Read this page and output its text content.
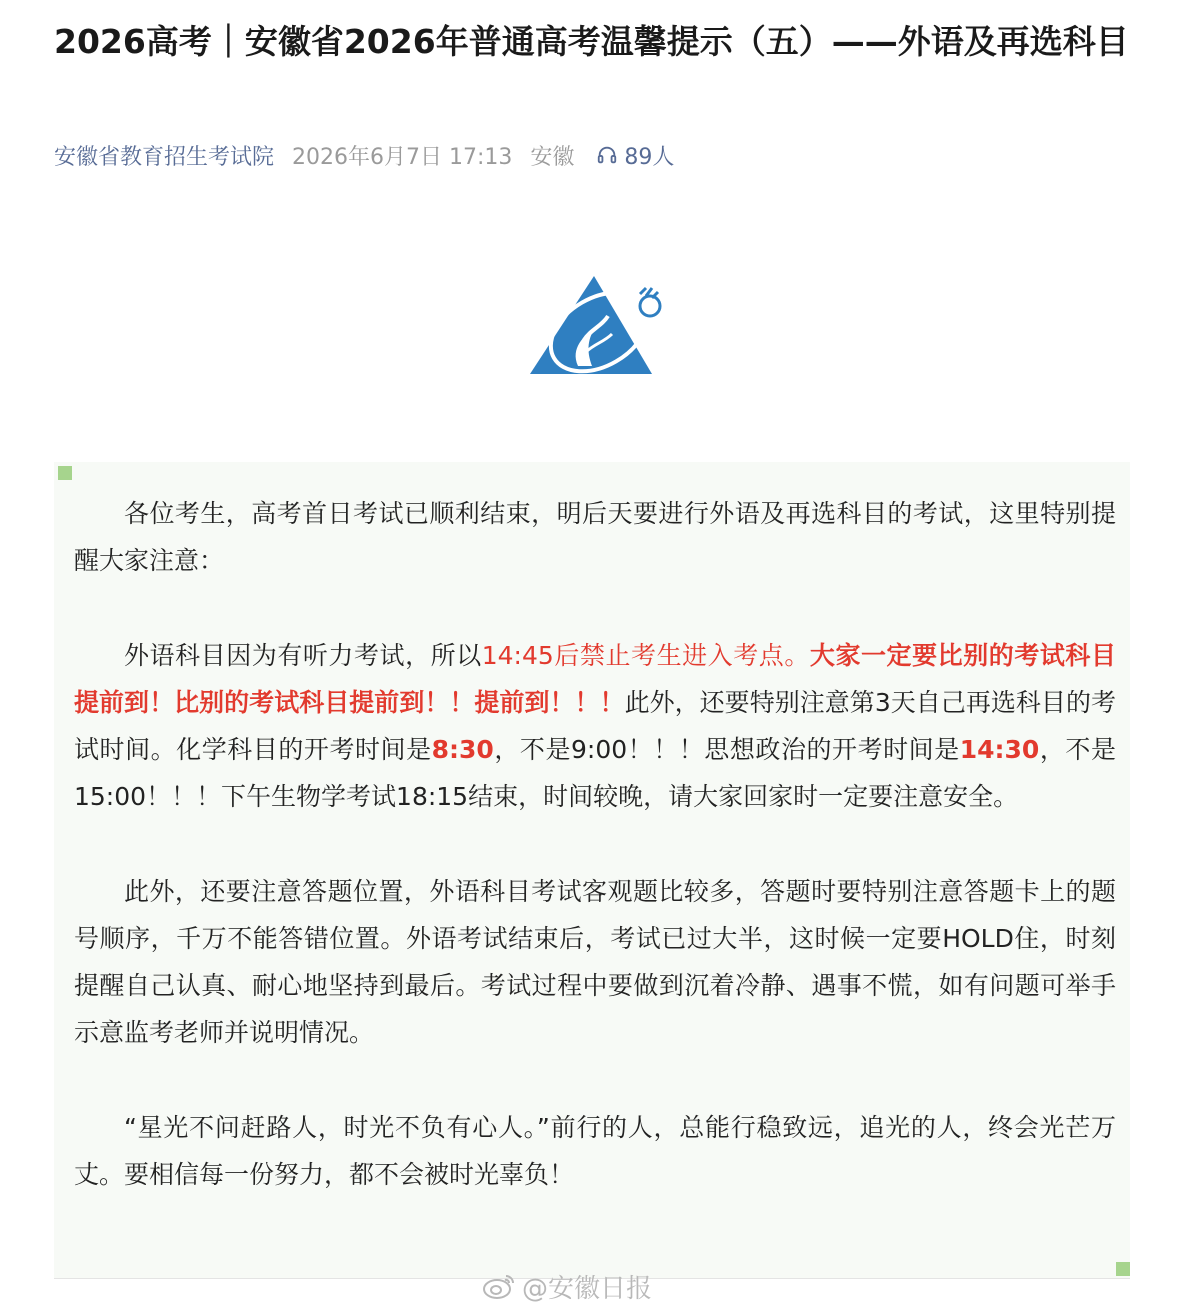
2026高考｜安徽省2026年普通高考温馨提示（五）——外语及再选科目
安徽省教育招生考试院 2026年6月7日 17:13 安徽 89人

各位考生，高考首日考试已顺利结束，明后天要进行外语及再选科目的考试，这里特别提醒大家注意：

外语科目因为有听力考试，所以14:45后禁止考生进入考点。大家一定要比别的考试科目提前到！比别的考试科目提前到！！提前到！！！此外，还要特别注意第3天自己再选科目的考试时间。化学科目的开考时间是8:30，不是9:00！！！思想政治的开考时间是14:30，不是15:00！！！下午生物学考试18:15结束，时间较晚，请大家回家时一定要注意安全。

此外，还要注意答题位置，外语科目考试客观题比较多，答题时要特别注意答题卡上的题号顺序，千万不能答错位置。外语考试结束后，考试已过大半，这时候一定要HOLD住，时刻提醒自己认真、耐心地坚持到最后。考试过程中要做到沉着冷静、遇事不慌，如有问题可举手示意监考老师并说明情况。

“星光不问赶路人，时光不负有心人。”前行的人，总能行稳致远，追光的人，终会光芒万丈。要相信每一份努力，都不会被时光辜负！

@安徽日报
